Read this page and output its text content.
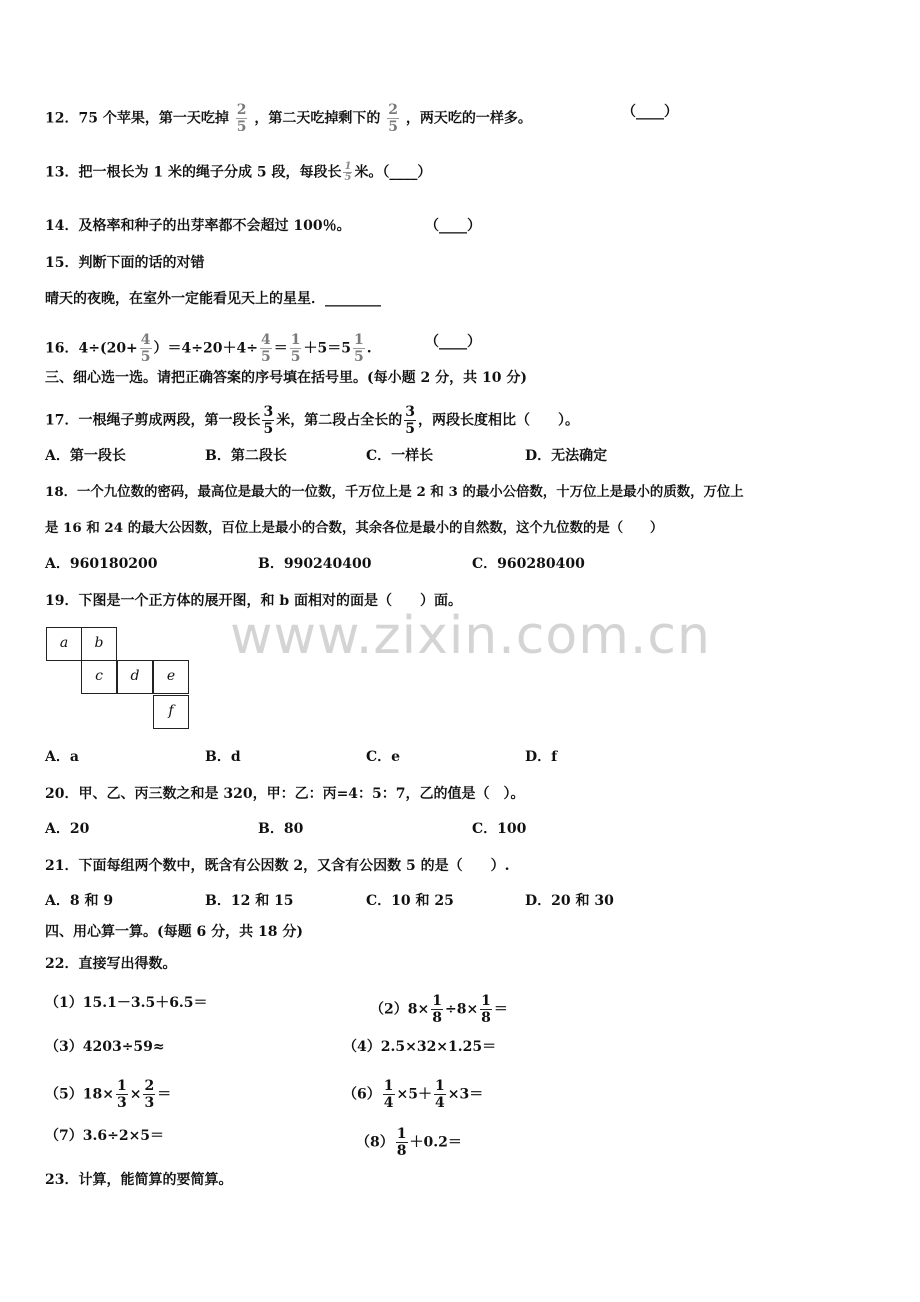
12．75 个苹果，第一天吃掉 $\frac{2}{5}$ ，第二天吃掉剩下的 $\frac{2}{5}$ ，两天吃的一样多。	（____）
13．把一根长为 1 米的绳子分成 5 段，每段长 $\frac{1}{5}$ 米。（____）
14．及格率和种子的出芽率都不会超过 100％。	（____）
15．判断下面的话的对错
晴天的夜晚，在室外一定能看见天上的星星．________
16．$4\div(20+ \frac{4}{5} )=4\div 20+4\div \frac{4}{5} = \frac{1}{5} +5=5 \frac{1}{5}$ .	（____）
三、细心选一选。请把正确答案的序号填在括号里。(每小题 2 分，共 10 分)
17．一根绳子剪成两段，第一段长 $\frac{3}{5}$ 米，第二段占全长的 $\frac{3}{5}$ ，两段长度相比（　　）。
A．第一段长	B．第二段长	C．一样长	D．无法确定
18．一个九位数的密码，最高位是最大的一位数，千万位上是 2 和 3 的最小公倍数，十万位上是最小的质数，万位上
是 16 和 24 的最大公因数，百位上是最小的合数，其余各位是最小的自然数，这个九位数的是（　　）
A．960180200	B．990240400	C．960280400
19．下图是一个正方体的展开图，和 b 面相对的面是（　　）面。
a	b
c	d	e
f
www.zixin.com.cn
A．a	B．d	C．e	D．f
20．甲、乙、丙三数之和是 320，甲：乙：丙=4：5：7，乙的值是（　）。
A．20	B．80	C．100
21．下面每组两个数中，既含有公因数 2，又含有公因数 5 的是（　　）.
A．8 和 9	B．12 和 15	C．10 和 25	D．20 和 30
四、用心算一算。(每题 6 分，共 18 分)
22．直接写出得数。
（1）15.1－3.5＋6.5＝	$(2)8\times \frac{1}{8} \div 8\times \frac{1}{8}$ ＝
（3）4203÷59≈	（4）2.5×32×1.25＝
$(5)18\times \frac{1}{3} \times \frac{2}{3}$ ＝	$(6) \frac{1}{4} \times 5+ \frac{1}{4} \times 3=$
（7）3.6÷2×5＝	$(8) \frac{1}{8} +0.2=$
23．计算，能简算的要简算。
